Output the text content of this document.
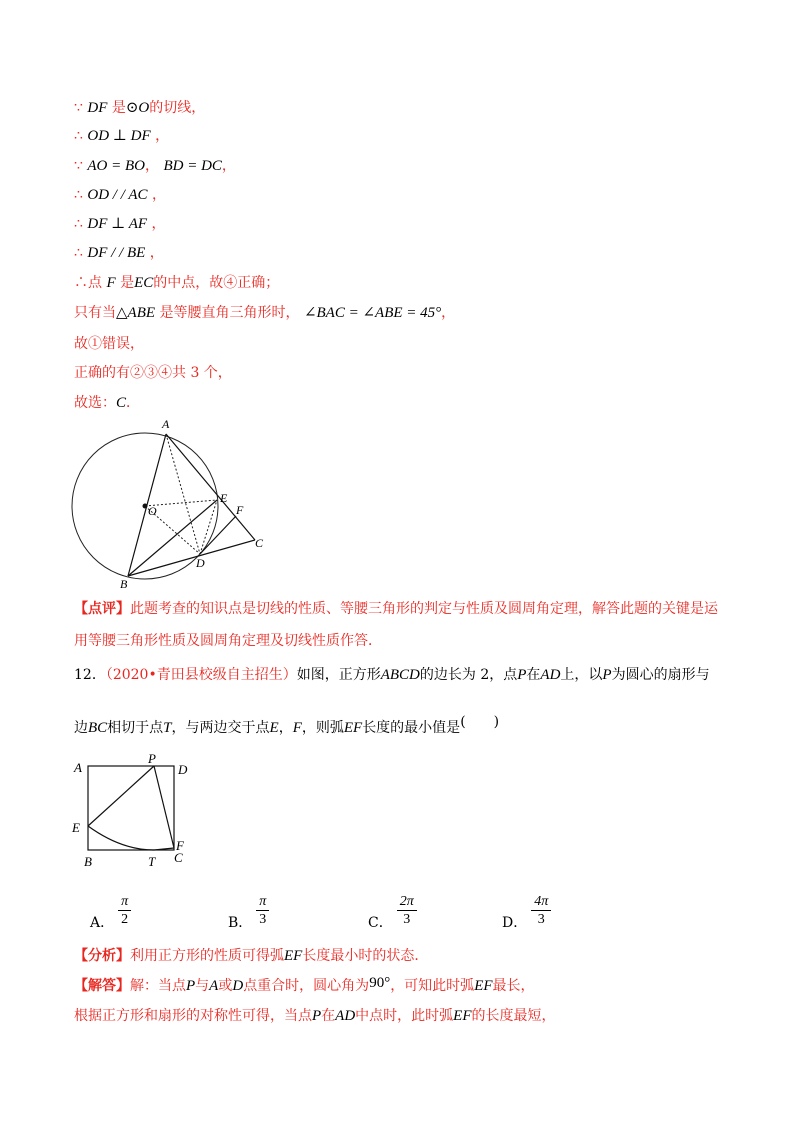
∵ DF 是⊙O的切线，
∴ OD ⊥ DF ，
∵ AO = BO， BD = DC，
∴ OD / / AC ，
∴ DF ⊥ AF ，
∴ DF / / BE ，
∴点 F 是EC的中点，故④正确；
只有当△ABE 是等腰直角三角形时， ∠BAC = ∠ABE = 45°，
故①错误，
正确的有②③④共 3 个，
故选：C．
A
E
O	F
C
B
D
【点评】此题考查的知识点是切线的性质、等腰三角形的判定与性质及圆周角定理，解答此题的关键是运
用等腰三角形性质及圆周角定理及切线性质作答．
12．（2020•青田县校级自主招生）如图，正方形ABCD的边长为 2，点P在AD上，以P为圆心的扇形与
边BC相切于点T，与两边交于点E，F，则弧EF长度的最小值是(　　)
A
P
D
E
F
B	T C
A． $\frac{\pi}{2}$	B． $\frac{\pi}{3}$	C． $\frac{2\pi}{3}$	D． $\frac{4\pi}{3}$
【分析】利用正方形的性质可得弧EF长度最小时的状态．
【解答】解：当点P与A或D点重合时，圆心角为90°，可知此时弧EF最长，
根据正方形和扇形的对称性可得，当点P在AD中点时，此时弧EF的长度最短，
